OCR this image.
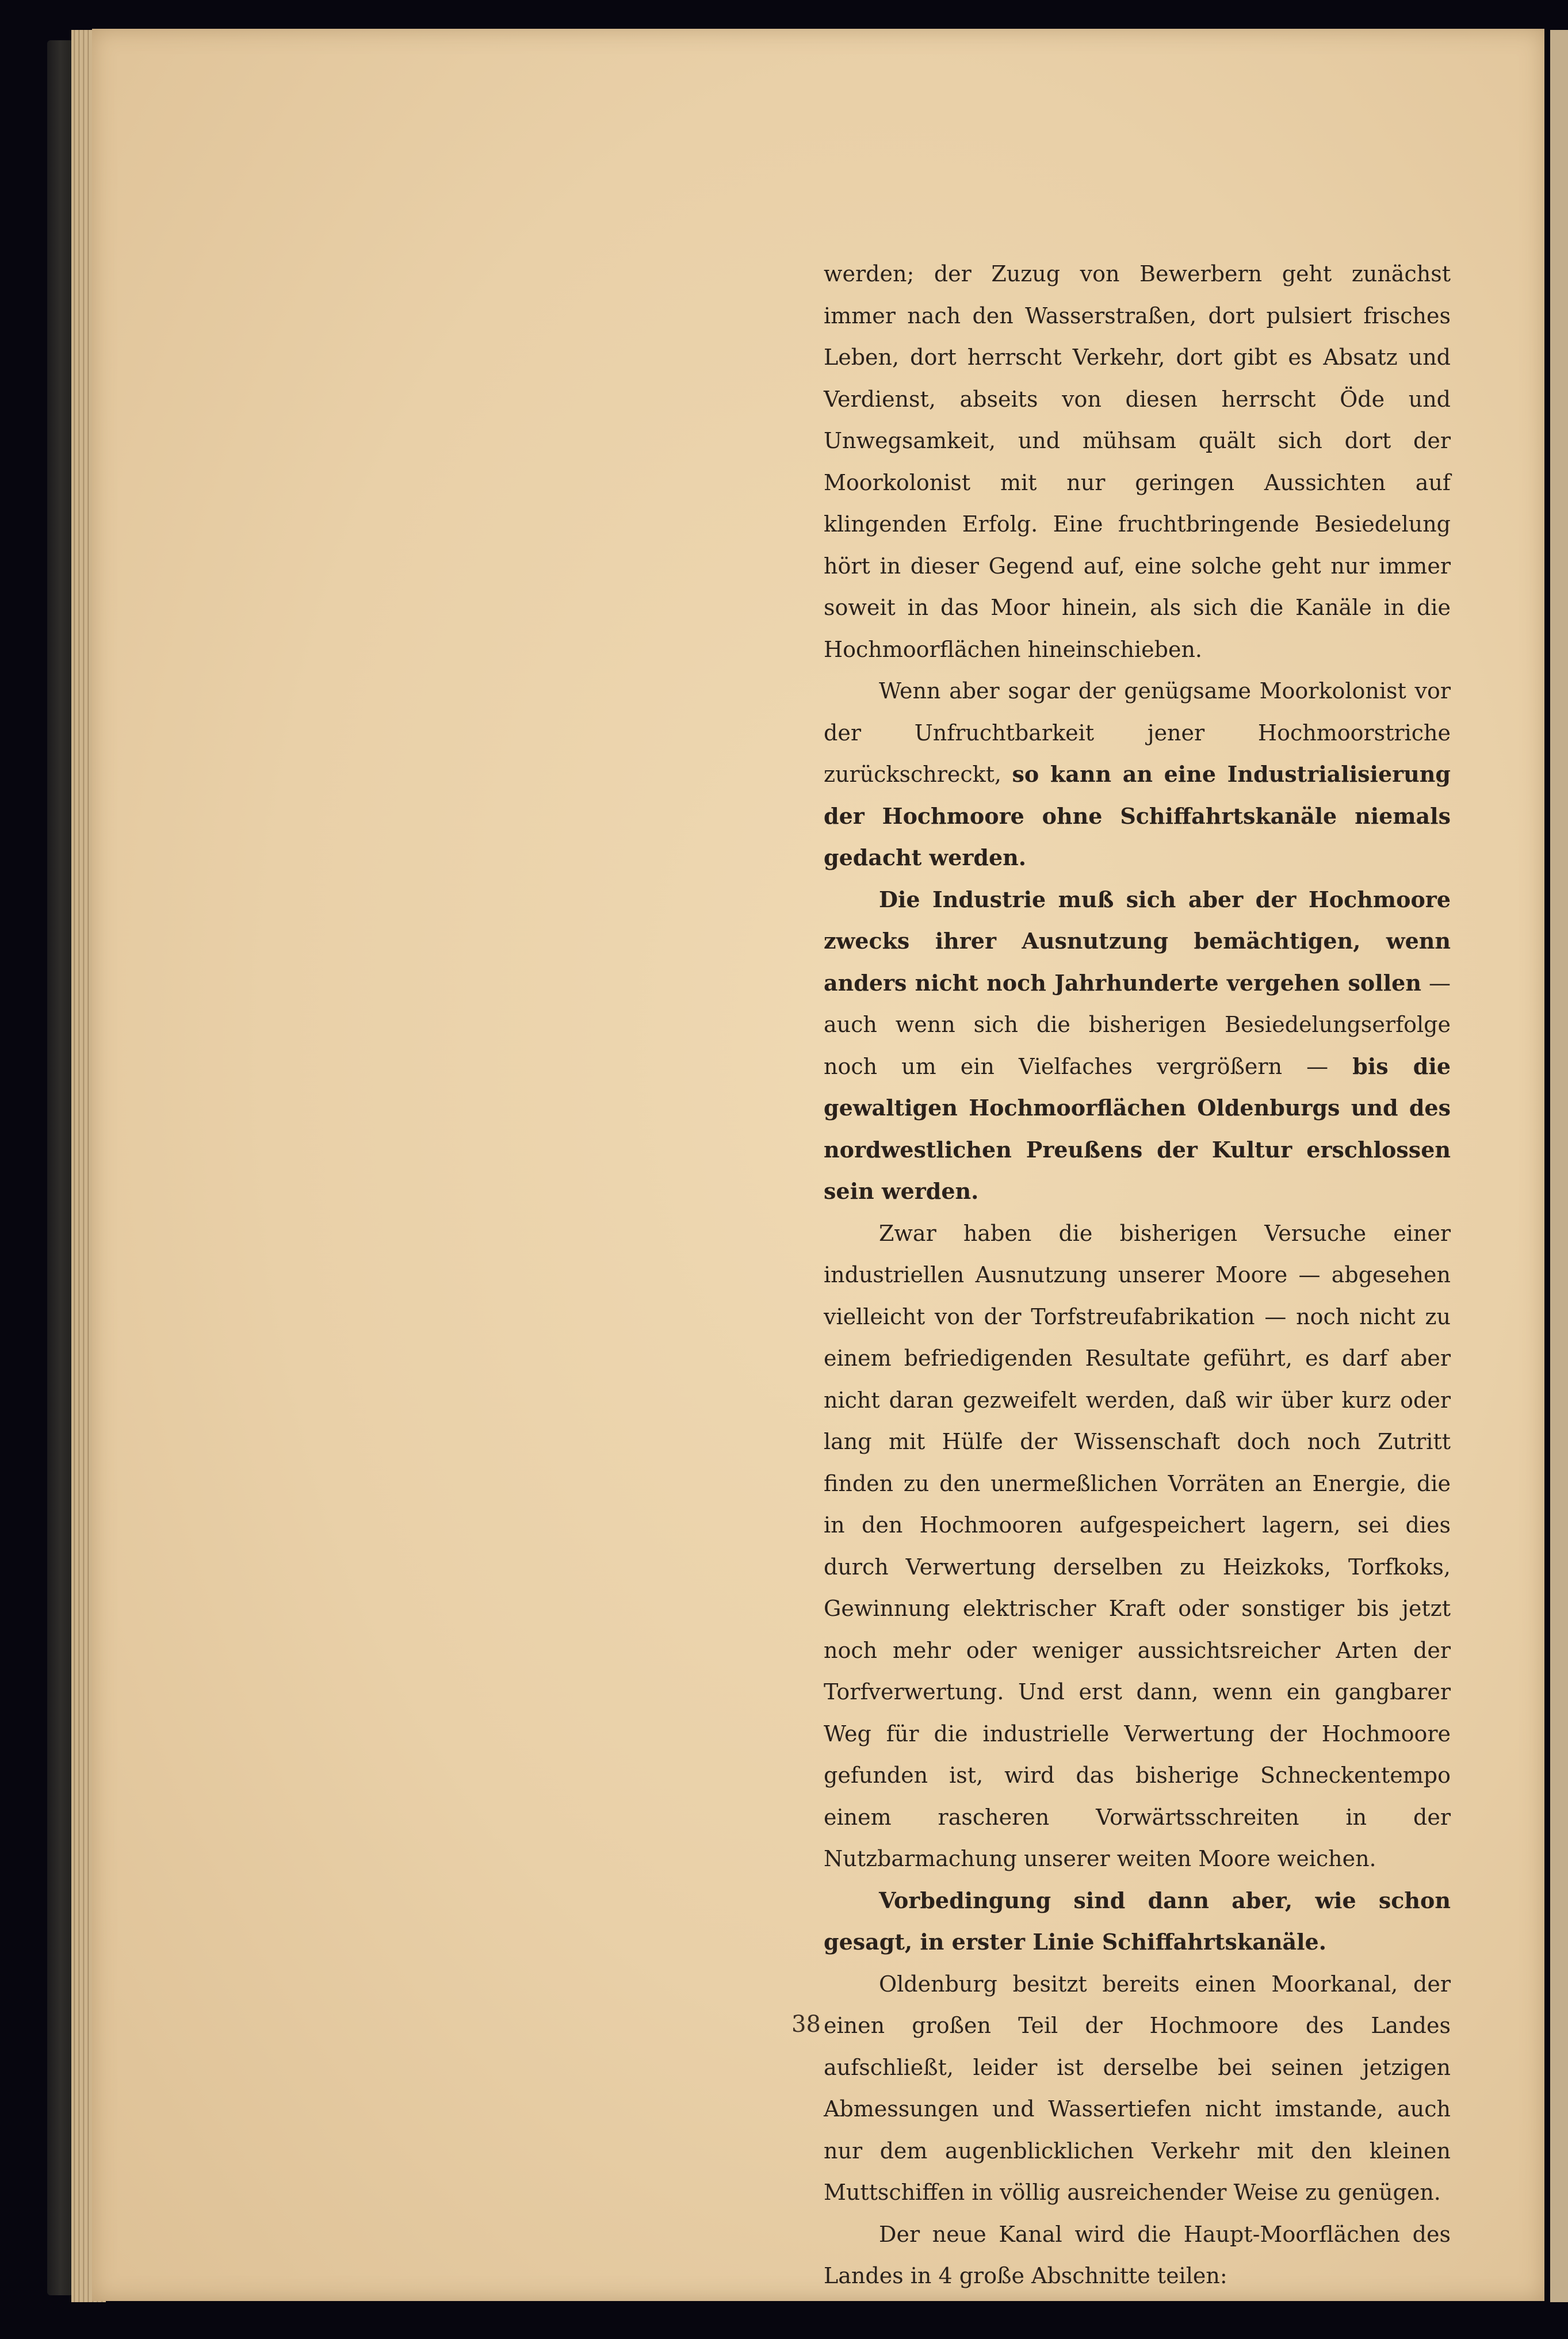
werden; der Zuzug von Bewerbern geht zunächst immer nach den Wasserstraßen, dort pulsiert frisches Leben, dort herrscht Verkehr, dort gibt es Absatz und Verdienst, abseits von diesen herrscht Öde und Unwegsamkeit, und mühsam quält sich dort der Moorkolonist mit nur geringen Aussichten auf klingenden Erfolg. Eine fruchtbringende Besiedelung hört in dieser Gegend auf, eine solche geht nur immer soweit in das Moor hinein, als sich die Kanäle in die Hochmoorflächen hineinschieben.

Wenn aber sogar der genügsame Moorkolonist vor der Unfruchtbarkeit jener Hochmoorstriche zurückschreckt, so kann an eine Industrialisierung der Hochmoore ohne Schiffahrtskanäle niemals gedacht werden.

Die Industrie muß sich aber der Hochmoore zwecks ihrer Ausnutzung bemächtigen, wenn anders nicht noch Jahrhunderte vergehen sollen — auch wenn sich die bisherigen Besiedelungserfolge noch um ein Vielfaches vergrößern — bis die gewaltigen Hochmoorflächen Oldenburgs und des nordwestlichen Preußens der Kultur erschlossen sein werden.

Zwar haben die bisherigen Versuche einer industriellen Ausnutzung unserer Moore — abgesehen vielleicht von der Torfstreufabrikation — noch nicht zu einem befriedigenden Resultate geführt, es darf aber nicht daran gezweifelt werden, daß wir über kurz oder lang mit Hülfe der Wissenschaft doch noch Zutritt finden zu den unermeßlichen Vorräten an Energie, die in den Hochmooren aufgespeichert lagern, sei dies durch Verwertung derselben zu Heizkoks, Torfkoks, Gewinnung elektrischer Kraft oder sonstiger bis jetzt noch mehr oder weniger aussichtsreicher Arten der Torfverwertung. Und erst dann, wenn ein gangbarer Weg für die industrielle Verwertung der Hochmoore gefunden ist, wird das bisherige Schneckentempo einem rascheren Vorwärtsschreiten in der Nutzbarmachung unserer weiten Moore weichen.

Vorbedingung sind dann aber, wie schon gesagt, in erster Linie Schiffahrtskanäle.

Oldenburg besitzt bereits einen Moorkanal, der einen großen Teil der Hochmoore des Landes aufschließt, leider ist derselbe bei seinen jetzigen Abmessungen und Wassertiefen nicht imstande, auch nur dem augenblicklichen Verkehr mit den kleinen Muttschiffen in völlig ausreichender Weise zu genügen.

Der neue Kanal wird die Haupt-Moorflächen des Landes in 4 große Abschnitte teilen:

38
